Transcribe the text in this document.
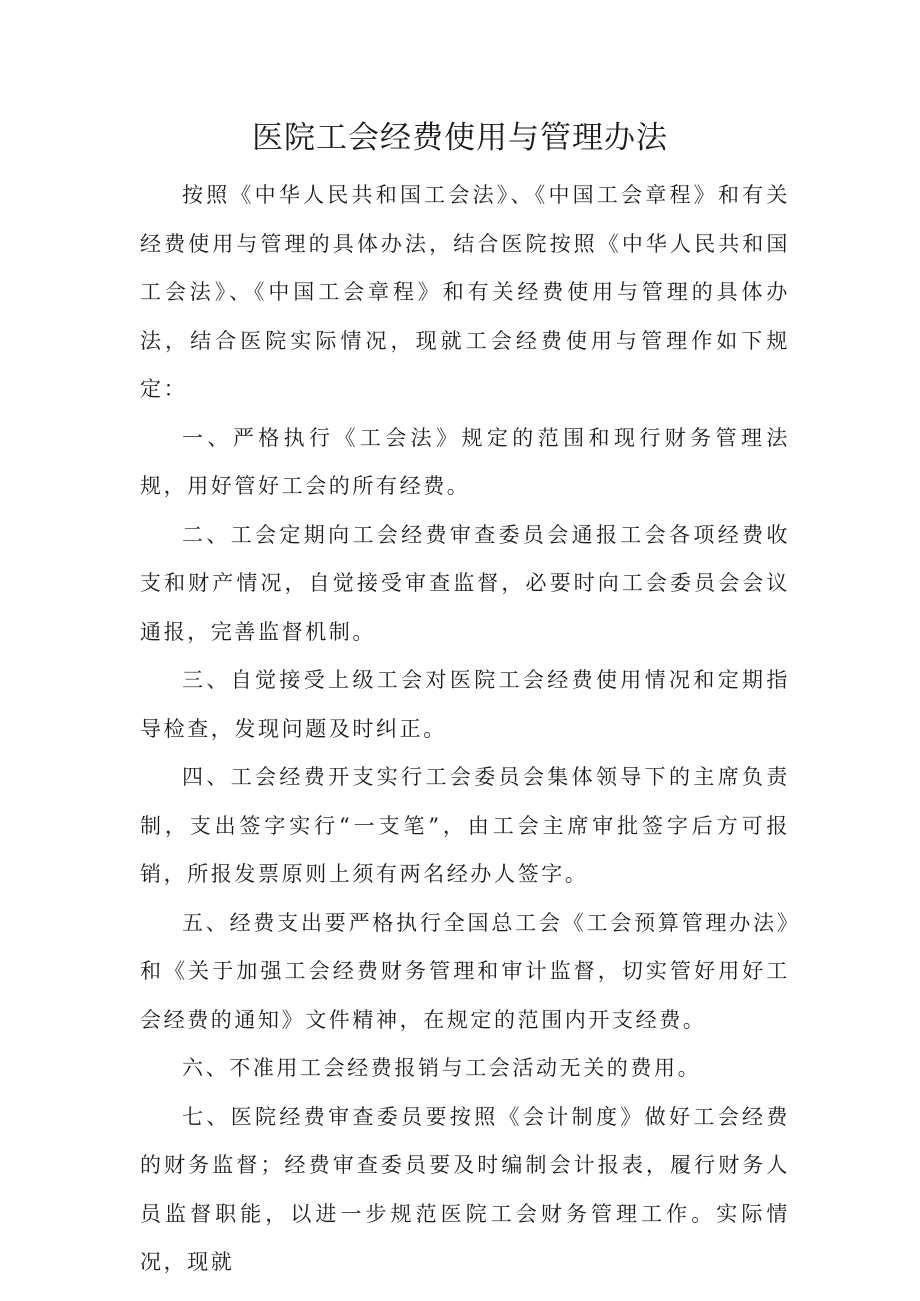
医院工会经费使用与管理办法

按照《中华人民共和国工会法》、《中国工会章程》和有关经费使用与管理的具体办法，结合医院按照《中华人民共和国工会法》、《中国工会章程》和有关经费使用与管理的具体办法，结合医院实际情况，现就工会经费使用与管理作如下规定：

一、严格执行《工会法》规定的范围和现行财务管理法规，用好管好工会的所有经费。

二、工会定期向工会经费审查委员会通报工会各项经费收支和财产情况，自觉接受审查监督，必要时向工会委员会会议通报，完善监督机制。

三、自觉接受上级工会对医院工会经费使用情况和定期指导检查，发现问题及时纠正。

四、工会经费开支实行工会委员会集体领导下的主席负责制，支出签字实行“一支笔”，由工会主席审批签字后方可报销，所报发票原则上须有两名经办人签字。

五、经费支出要严格执行全国总工会《工会预算管理办法》和《关于加强工会经费财务管理和审计监督，切实管好用好工会经费的通知》文件精神，在规定的范围内开支经费。

六、不准用工会经费报销与工会活动无关的费用。

七、医院经费审查委员要按照《会计制度》做好工会经费的财务监督；经费审查委员要及时编制会计报表，履行财务人员监督职能，以进一步规范医院工会财务管理工作。实际情况，现就
